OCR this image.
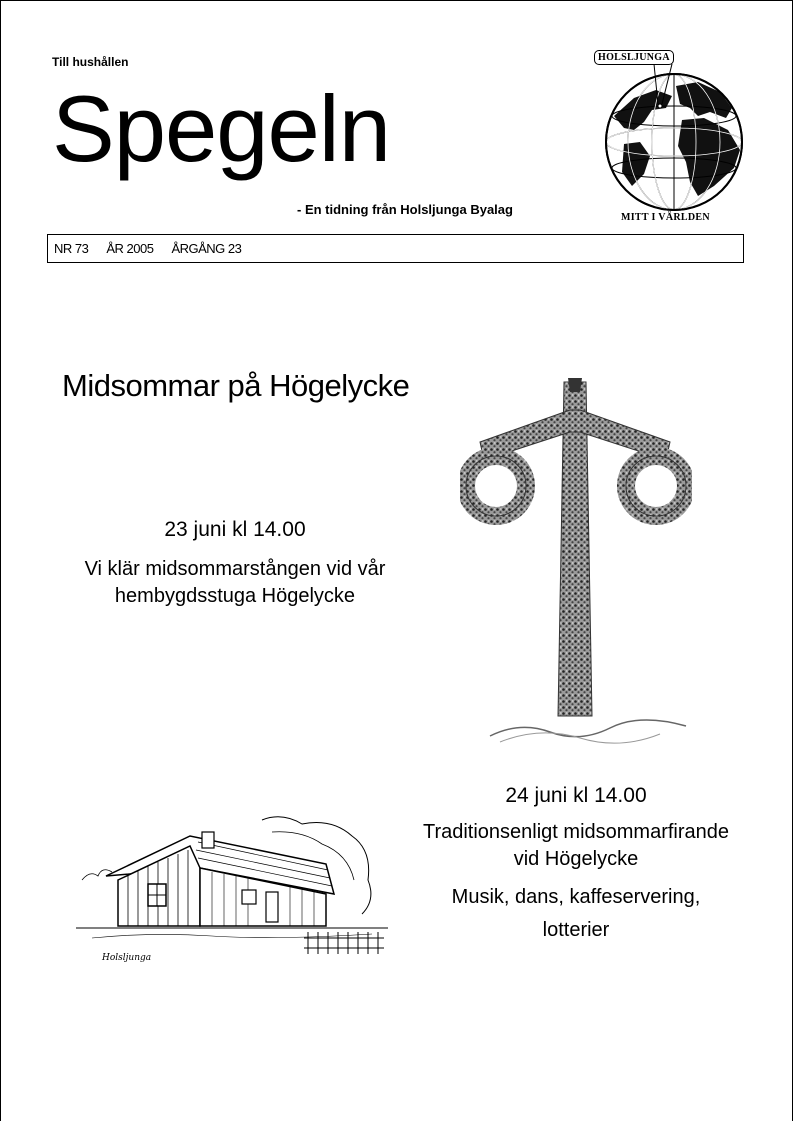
Till hushållen
Spegeln
- En tidning från Holsljunga Byalag
HOLSLJUNGA
MITT I VÄRLDEN
NR 73 ÅR 2005 ÅRGÅNG 23
Midsommar på Högelycke
23 juni kl 14.00
Vi klär midsommarstången vid vår hembygdsstuga Högelycke
24 juni kl 14.00
Traditionsenligt midsommarfirande vid Högelycke
Musik, dans, kaffeservering,
lotterier
Holsljunga
